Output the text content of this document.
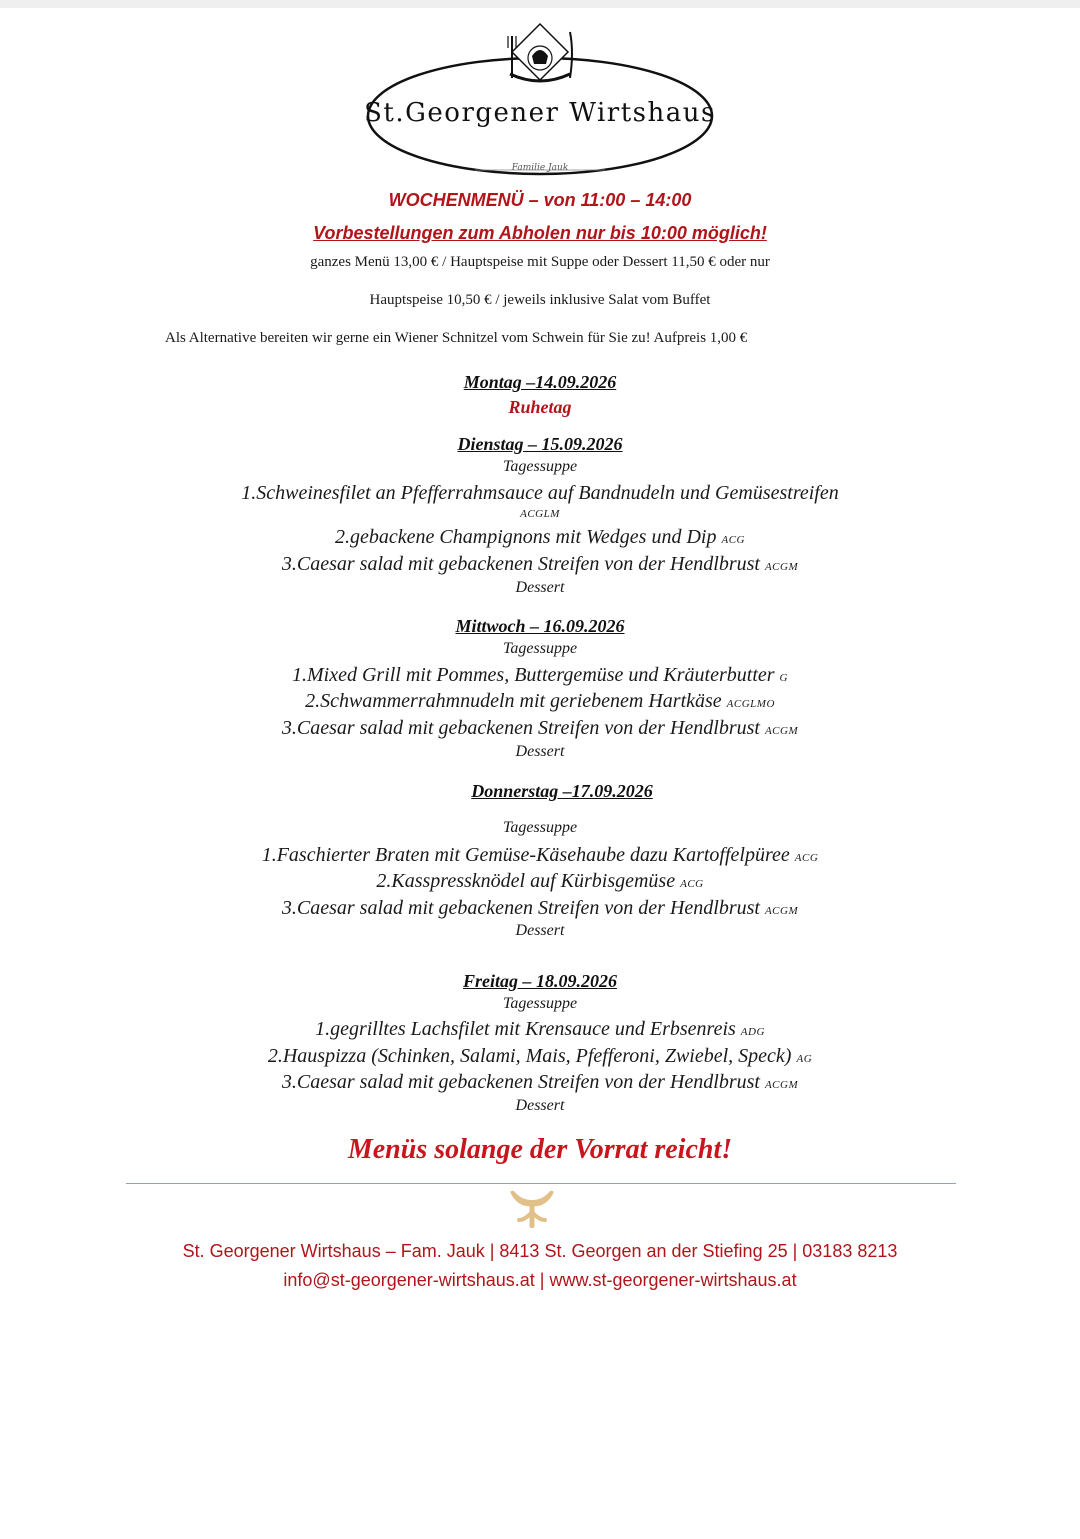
St.Georgener Wirtshaus
Familie Jauk
WOCHENMENÜ – von 11:00 – 14:00
Vorbestellungen zum Abholen nur bis 10:00 möglich!
ganzes Menü 13,00 € / Hauptspeise mit Suppe oder Dessert 11,50 € oder nur
Hauptspeise 10,50 € / jeweils inklusive Salat vom Buffet
Als Alternative bereiten wir gerne ein Wiener Schnitzel vom Schwein für Sie zu! Aufpreis 1,00 €
Montag –14.09.2026
Ruhetag
Dienstag – 15.09.2026
Tagessuppe
1.Schweinesfilet an Pfefferrahmsauce auf Bandnudeln und Gemüsestreifen
ACGLM
2.gebackene Champignons mit Wedges und Dip ACG
3.Caesar salad mit gebackenen Streifen von der Hendlbrust ACGM
Dessert
Mittwoch – 16.09.2026
Tagessuppe
1.Mixed Grill mit Pommes, Buttergemüse und Kräuterbutter G
2.Schwammerrahmnudeln mit geriebenem Hartkäse ACGLMO
3.Caesar salad mit gebackenen Streifen von der Hendlbrust ACGM
Dessert
Donnerstag –17.09.2026
Tagessuppe
1.Faschierter Braten mit Gemüse-Käsehaube dazu Kartoffelpüree ACG
2.Kasspressknödel auf Kürbisgemüse ACG
3.Caesar salad mit gebackenen Streifen von der Hendlbrust ACGM
Dessert
Freitag – 18.09.2026
Tagessuppe
1.gegrilltes Lachsfilet mit Krensauce und Erbsenreis ADG
2.Hauspizza (Schinken, Salami, Mais, Pfefferoni, Zwiebel, Speck) AG
3.Caesar salad mit gebackenen Streifen von der Hendlbrust ACGM
Dessert
Menüs solange der Vorrat reicht!
St. Georgener Wirtshaus – Fam. Jauk | 8413 St. Georgen an der Stiefing 25 | 03183 8213
info@st-georgener-wirtshaus.at | www.st-georgener-wirtshaus.at
